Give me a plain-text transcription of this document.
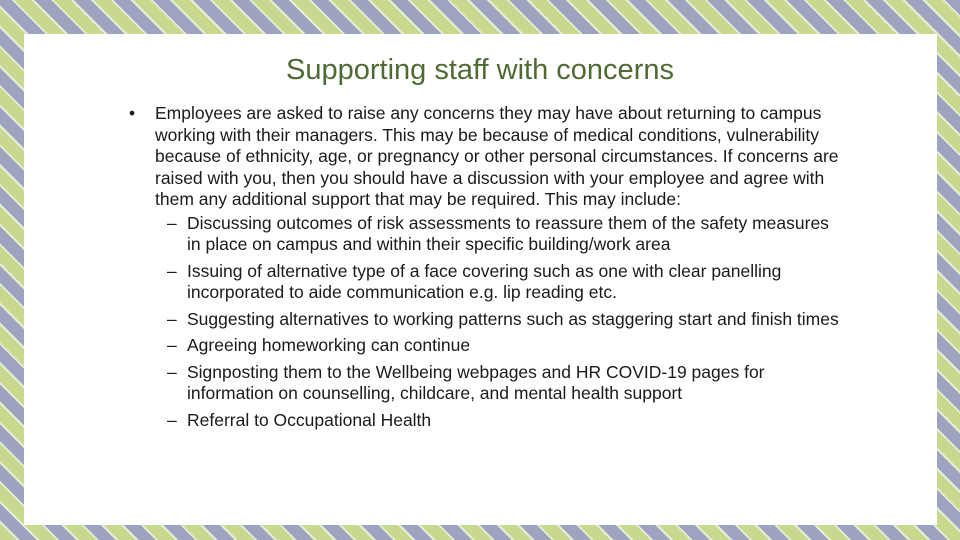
Supporting staff with concerns
• Employees are asked to raise any concerns they may have about returning to campus working with their managers. This may be because of medical conditions, vulnerability because of ethnicity, age, or pregnancy or other personal circumstances. If concerns are raised with you, then you should have a discussion with your employee and agree with them any additional support that may be required. This may include:
– Discussing outcomes of risk assessments to reassure them of the safety measures in place on campus and within their specific building/work area
– Issuing of alternative type of a face covering such as one with clear panelling incorporated to aide communication e.g. lip reading etc.
– Suggesting alternatives to working patterns such as staggering start and finish times
– Agreeing homeworking can continue
– Signposting them to the Wellbeing webpages and HR COVID-19 pages for information on counselling, childcare, and mental health support
– Referral to Occupational Health
